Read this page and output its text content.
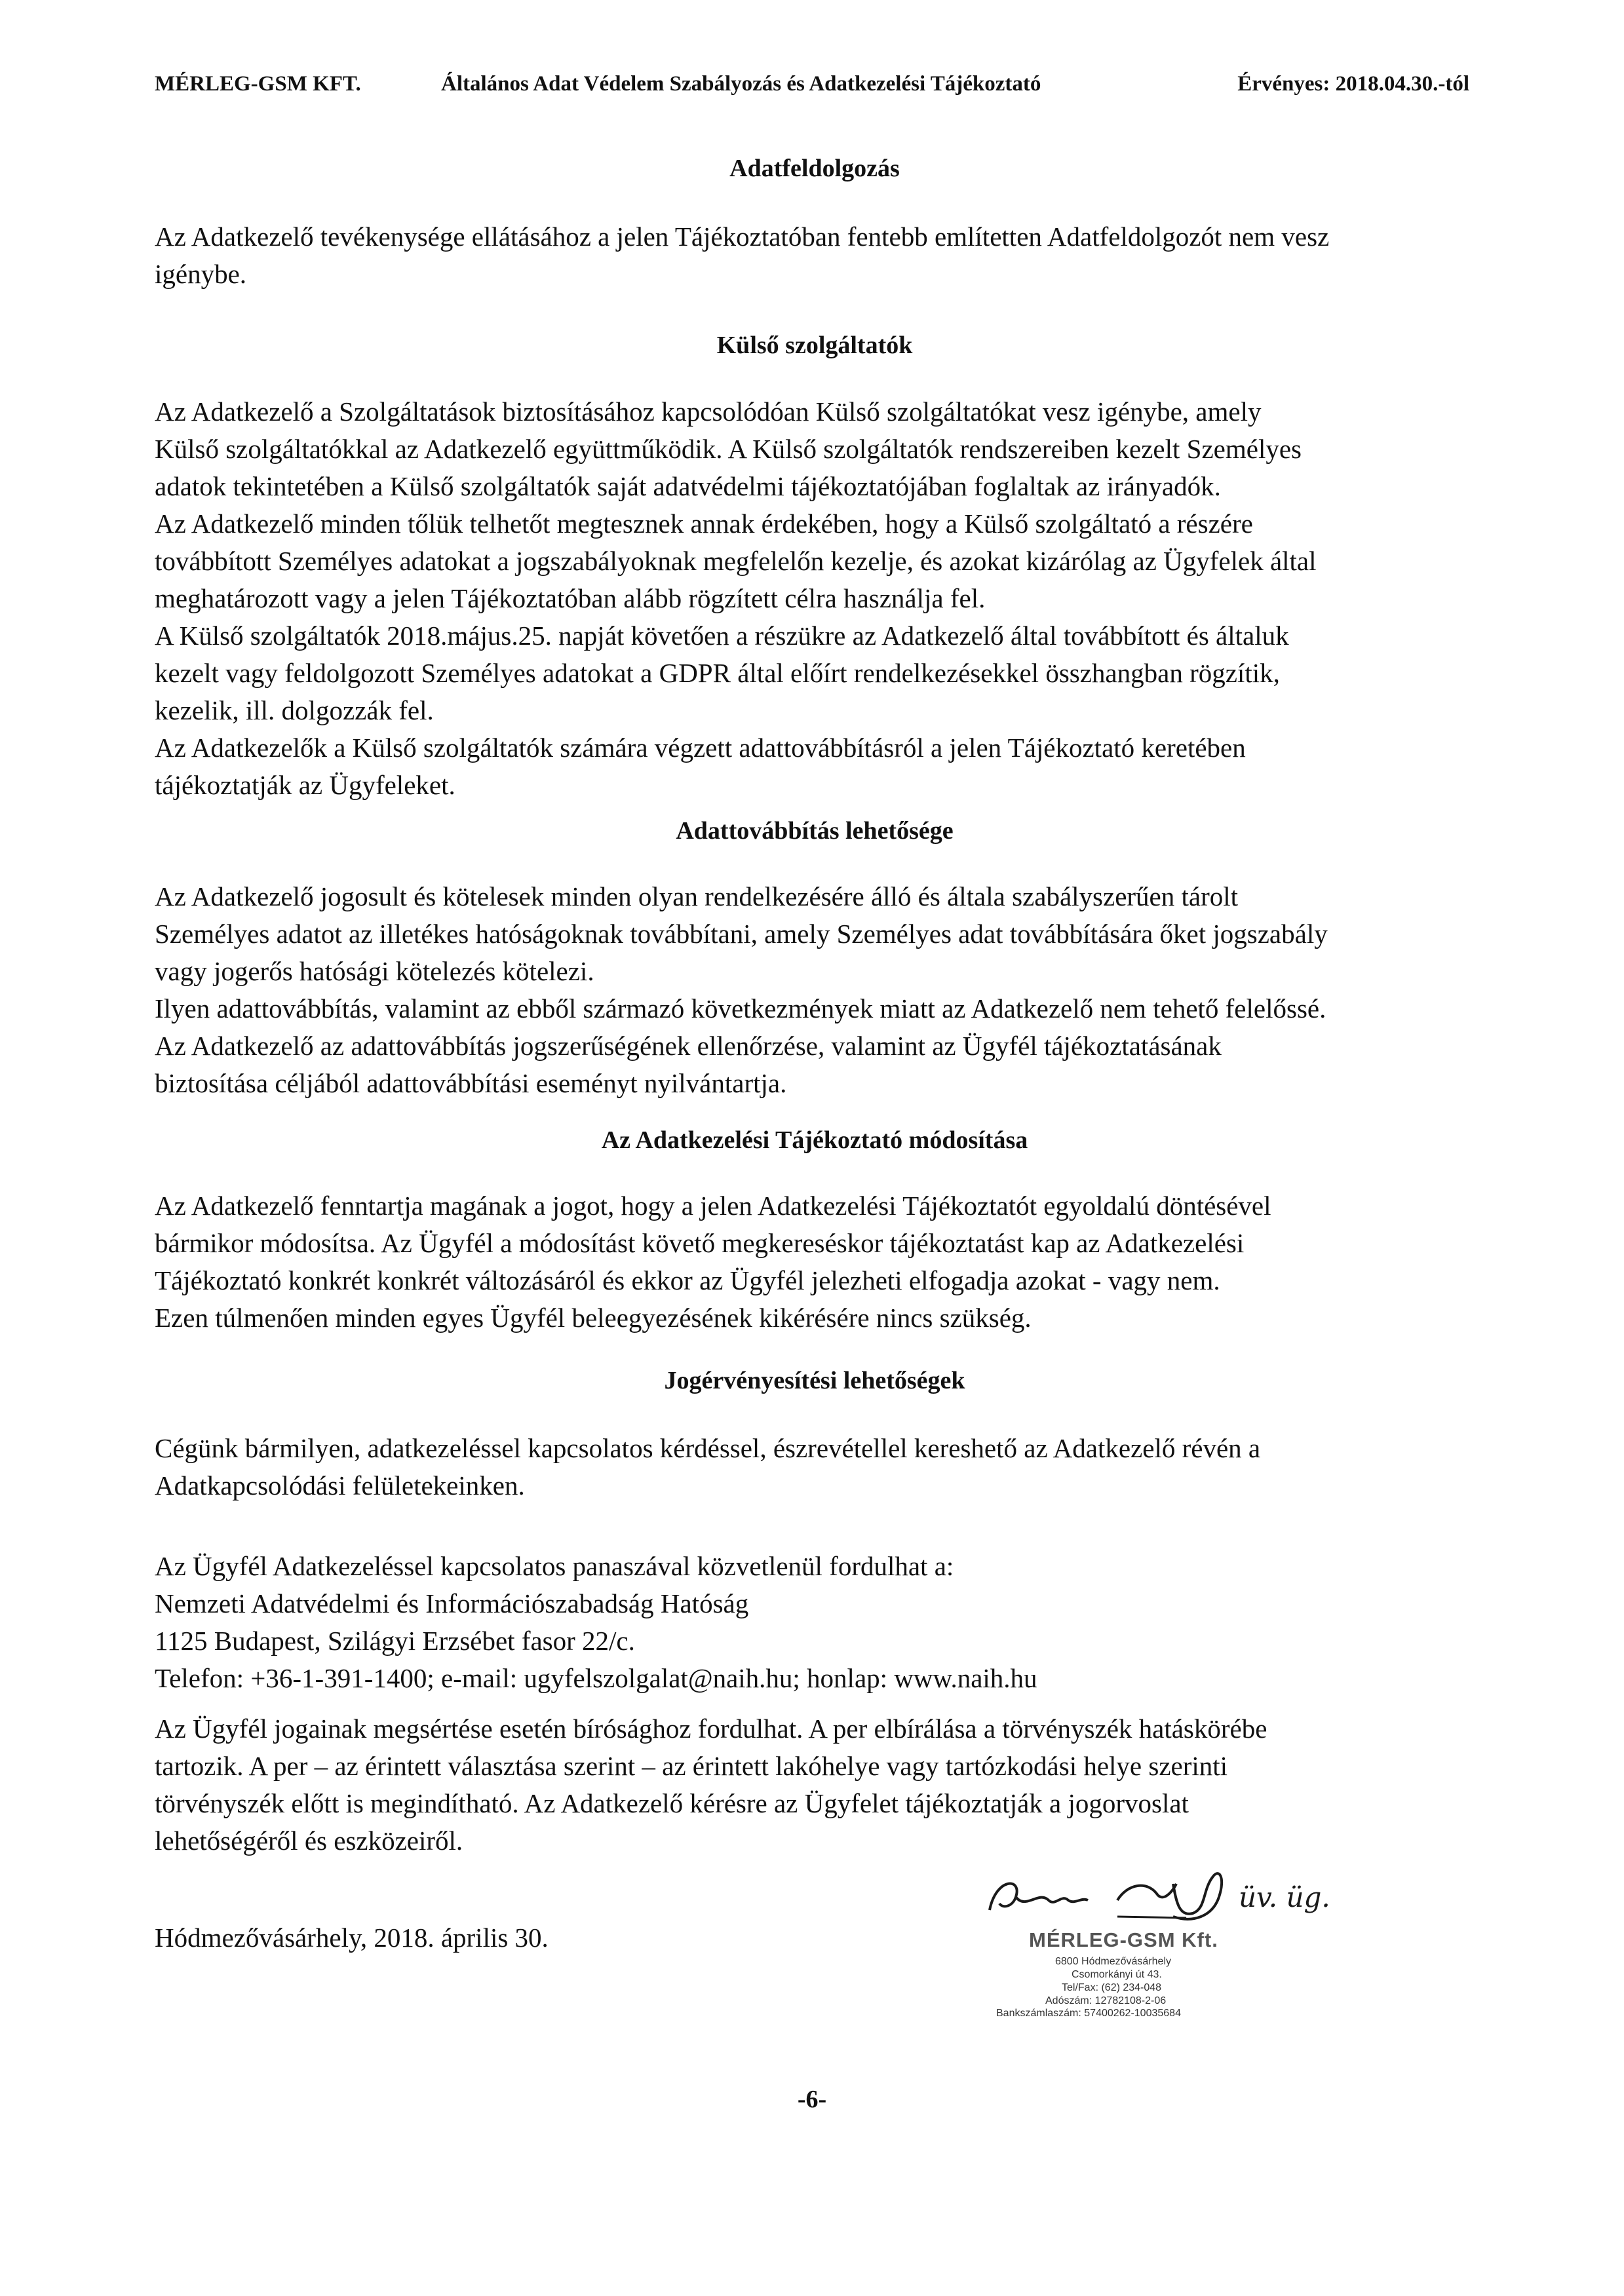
MÉRLEG-GSM KFT.	Általános Adat Védelem Szabályozás és Adatkezelési Tájékoztató	Érvényes: 2018.04.30.-tól
Adatfeldolgozás
Az Adatkezelő tevékenysége ellátásához a jelen Tájékoztatóban fentebb említetten Adatfeldolgozót nem vesz
igénybe.
Külső szolgáltatók
Az Adatkezelő a Szolgáltatások biztosításához kapcsolódóan Külső szolgáltatókat vesz igénybe, amely
Külső szolgáltatókkal az Adatkezelő együttműködik. A Külső szolgáltatók rendszereiben kezelt Személyes
adatok tekintetében a Külső szolgáltatók saját adatvédelmi tájékoztatójában foglaltak az irányadók.
Az Adatkezelő minden tőlük telhetőt megtesznek annak érdekében, hogy a Külső szolgáltató a részére
továbbított Személyes adatokat a jogszabályoknak megfelelőn kezelje, és azokat kizárólag az Ügyfelek által
meghatározott vagy a jelen Tájékoztatóban alább rögzített célra használja fel.
A Külső szolgáltatók 2018.május.25. napját követően a részükre az Adatkezelő által továbbított és általuk
kezelt vagy feldolgozott Személyes adatokat a GDPR által előírt rendelkezésekkel összhangban rögzítik,
kezelik, ill. dolgozzák fel.
Az Adatkezelők a Külső szolgáltatók számára végzett adattovábbításról a jelen Tájékoztató keretében
tájékoztatják az Ügyfeleket.
Adattovábbítás lehetősége
Az Adatkezelő jogosult és kötelesek minden olyan rendelkezésére álló és általa szabályszerűen tárolt
Személyes adatot az illetékes hatóságoknak továbbítani, amely Személyes adat továbbítására őket jogszabály
vagy jogerős hatósági kötelezés kötelezi.
Ilyen adattovábbítás, valamint az ebből származó következmények miatt az Adatkezelő nem tehető felelőssé.
Az Adatkezelő az adattovábbítás jogszerűségének ellenőrzése, valamint az Ügyfél tájékoztatásának
biztosítása céljából adattovábbítási eseményt nyilvántartja.
Az Adatkezelési Tájékoztató módosítása
Az Adatkezelő fenntartja magának a jogot, hogy a jelen Adatkezelési Tájékoztatót egyoldalú döntésével
bármikor módosítsa. Az Ügyfél a módosítást követő megkereséskor tájékoztatást kap az Adatkezelési
Tájékoztató konkrét konkrét változásáról és ekkor az Ügyfél jelezheti elfogadja azokat - vagy nem.
Ezen túlmenően minden egyes Ügyfél beleegyezésének kikérésére nincs szükség.
Jogérvényesítési lehetőségek
Cégünk bármilyen, adatkezeléssel kapcsolatos kérdéssel, észrevétellel kereshető az Adatkezelő révén a
Adatkapcsolódási felületekeinken.
Az Ügyfél Adatkezeléssel kapcsolatos panaszával közvetlenül fordulhat a:
Nemzeti Adatvédelmi és Információszabadság Hatóság
1125 Budapest, Szilágyi Erzsébet fasor 22/c.
Telefon: +36-1-391-1400; e-mail: ugyfelszolgalat@naih.hu; honlap: www.naih.hu
Az Ügyfél jogainak megsértése esetén bírósághoz fordulhat. A per elbírálása a törvényszék hatáskörébe
tartozik. A per – az érintett választása szerint – az érintett lakóhelye vagy tartózkodási helye szerinti
törvényszék előtt is megindítható. Az Adatkezelő kérésre az Ügyfelet tájékoztatják a jogorvoslat
lehetőségéről és eszközeiről.
Hódmezővásárhely, 2018. április 30.
üv. üg.
MÉRLEG-GSM Kft.
6800 Hódmezővásárhely
Csomorkányi út 43.
Tel/Fax: (62) 234-048
Adószám: 12782108-2-06
Bankszámlaszám: 57400262-10035684
-6-
